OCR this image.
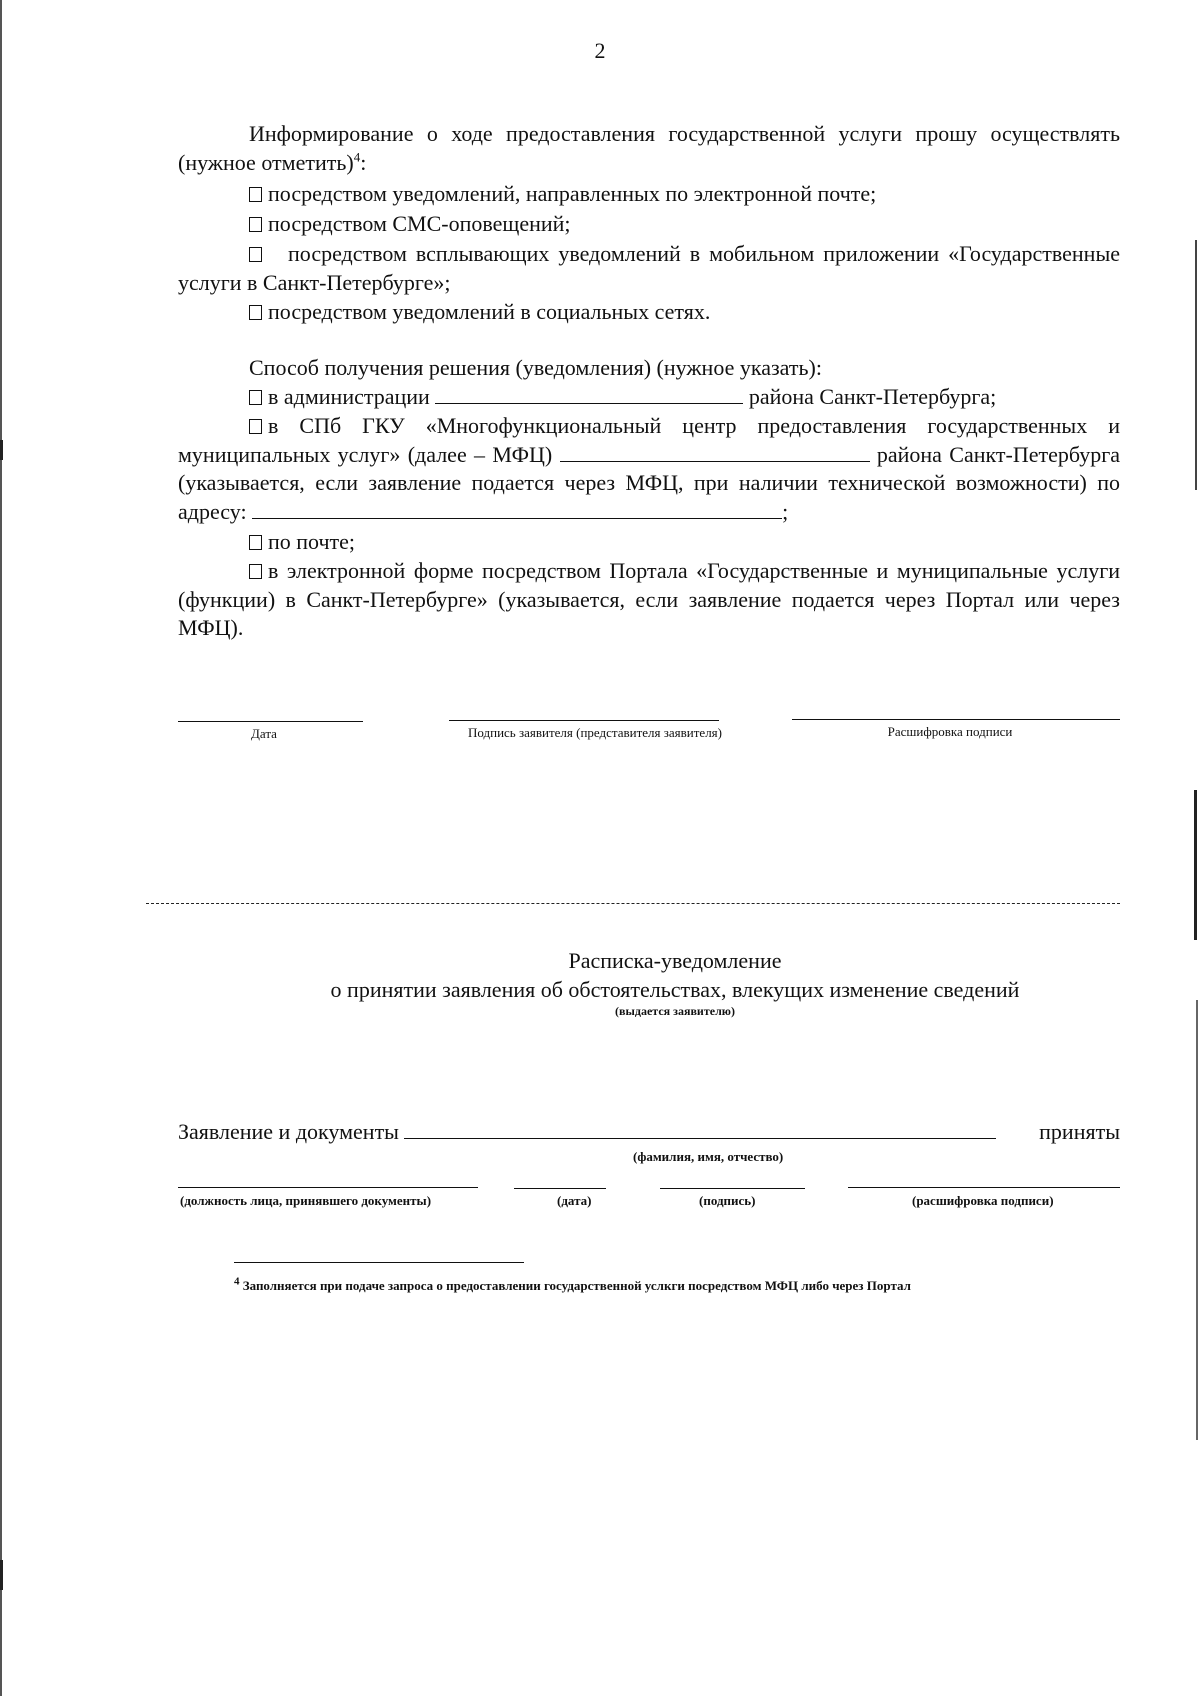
2
Информирование о ходе предоставления государственной услуги прошу осуществлять (нужное отметить)$^4$:
посредством уведомлений, направленных по электронной почте;
посредством СМС-оповещений;
посредством всплывающих уведомлений в мобильном приложении «Государственные услуги в Санкт-Петербурге»;
посредством уведомлений в социальных сетях.
Способ получения решения (уведомления) (нужное указать):
в администрации	района Санкт-Петербурга;
в СПб ГКУ «Многофункциональный центр предоставления государственных и муниципальных услуг» (далее – МФЦ)	района Санкт-Петербурга (указывается, если заявление подается через МФЦ, при наличии технической возможности) по адресу:	;
по почте;
в электронной форме посредством Портала «Государственные и муниципальные услуги (функции) в Санкт-Петербурге» (указывается, если заявление подается через Портал или через МФЦ).
Дата	Подпись заявителя (представителя заявителя)	Расшифровка подписи
Расписка-уведомление
о принятии заявления об обстоятельствах, влекущих изменение сведений
(выдается заявителю)
Заявление и документы	приняты
(фамилия, имя, отчество)
(должность лица, принявшего документы)	(дата)	(подпись)	(расшифровка подписи)
$^4$ Заполняется при подаче запроса о предоставлении государственной услкги посредством МФЦ либо через Портал
